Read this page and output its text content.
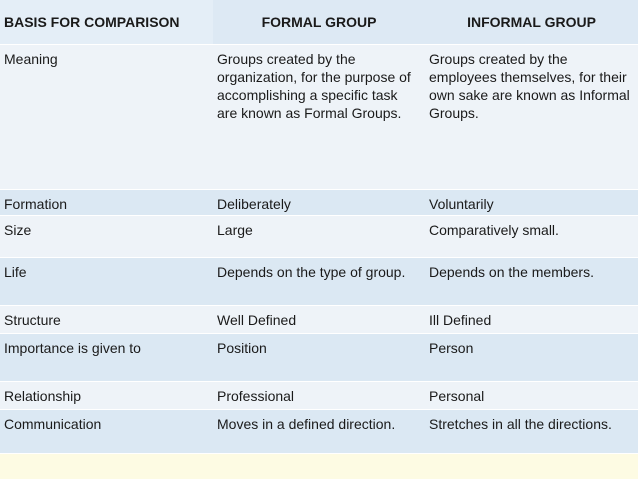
BASIS FOR COMPARISON	FORMAL GROUP	INFORMAL GROUP
Meaning	Groups created by the organization, for the purpose of accomplishing a specific task are known as Formal Groups.	Groups created by the employees themselves, for their own sake are known as Informal Groups.
Formation	Deliberately	Voluntarily
Size	Large	Comparatively small.
Life	Depends on the type of group.	Depends on the members.
Structure	Well Defined	Ill Defined
Importance is given to	Position	Person
Relationship	Professional	Personal
Communication	Moves in a defined direction.	Stretches in all the directions.
